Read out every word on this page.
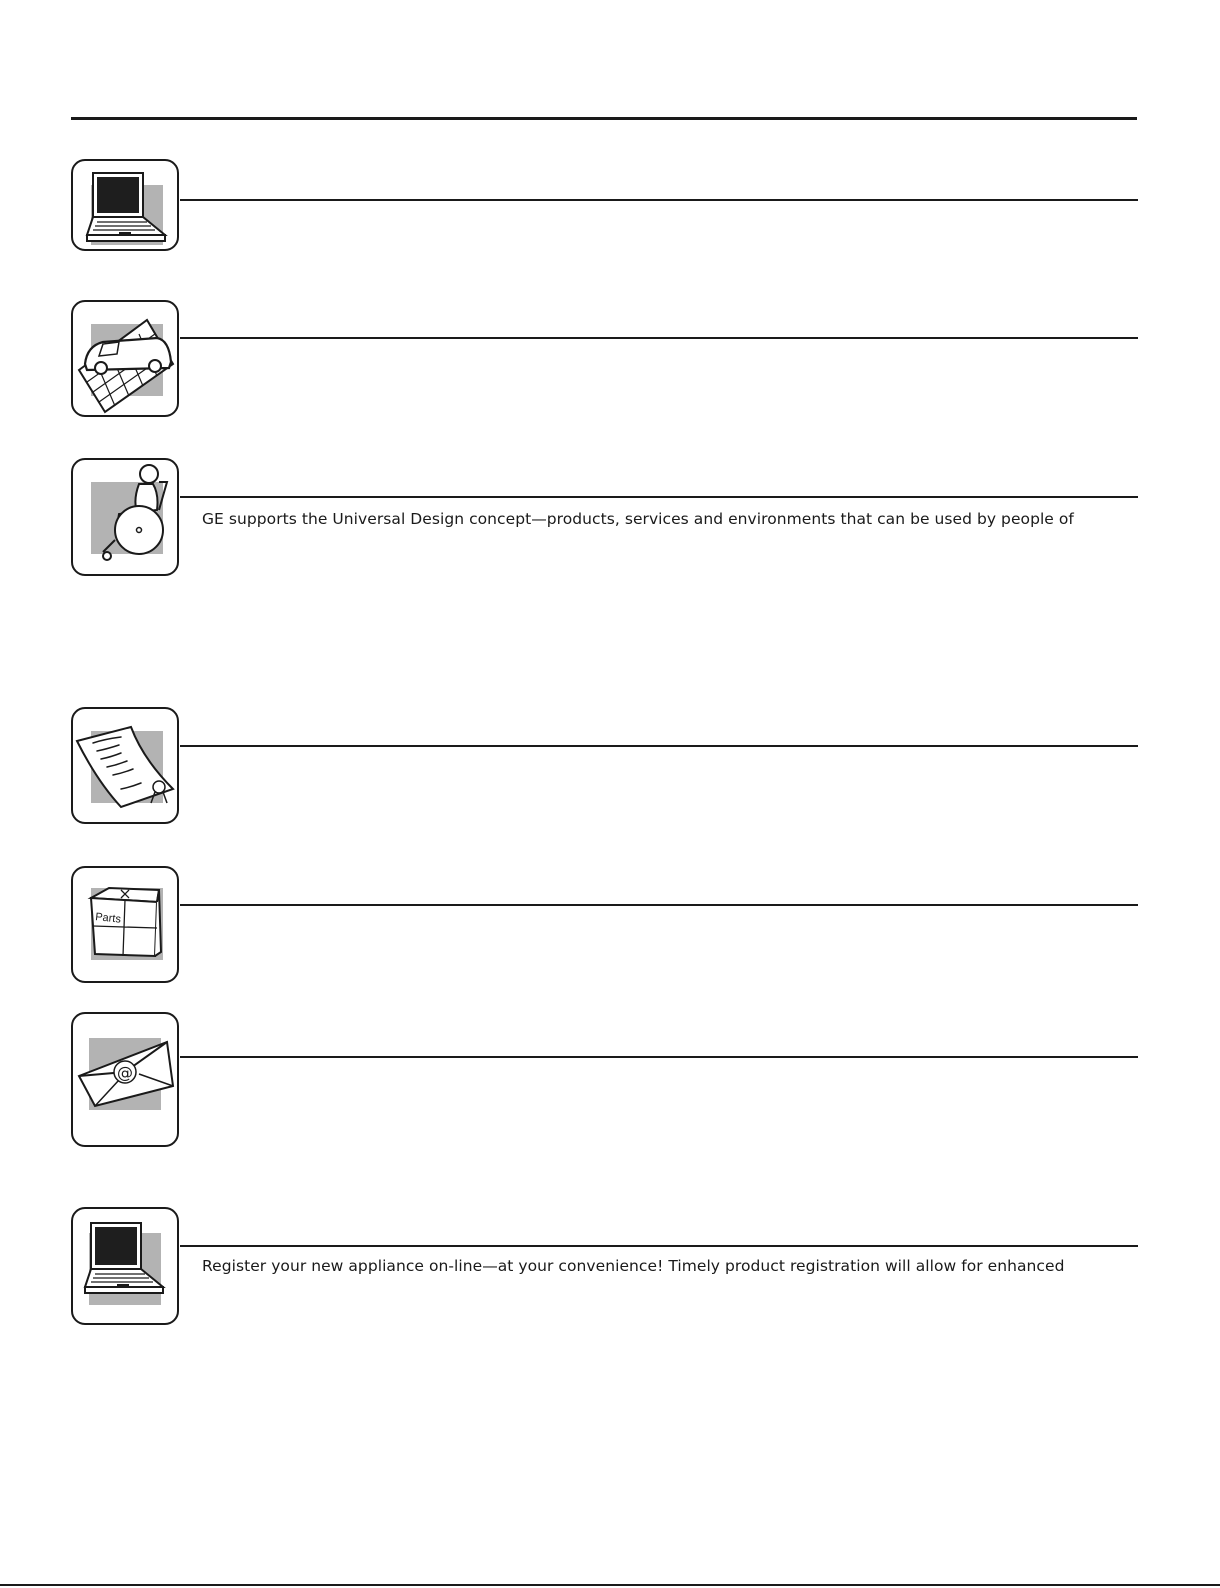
GE supports the Universal Design concept—products, services and environments that can be used by people of
Parts
@
Register your new appliance on-line—at your convenience! Timely product registration will allow for enhanced
